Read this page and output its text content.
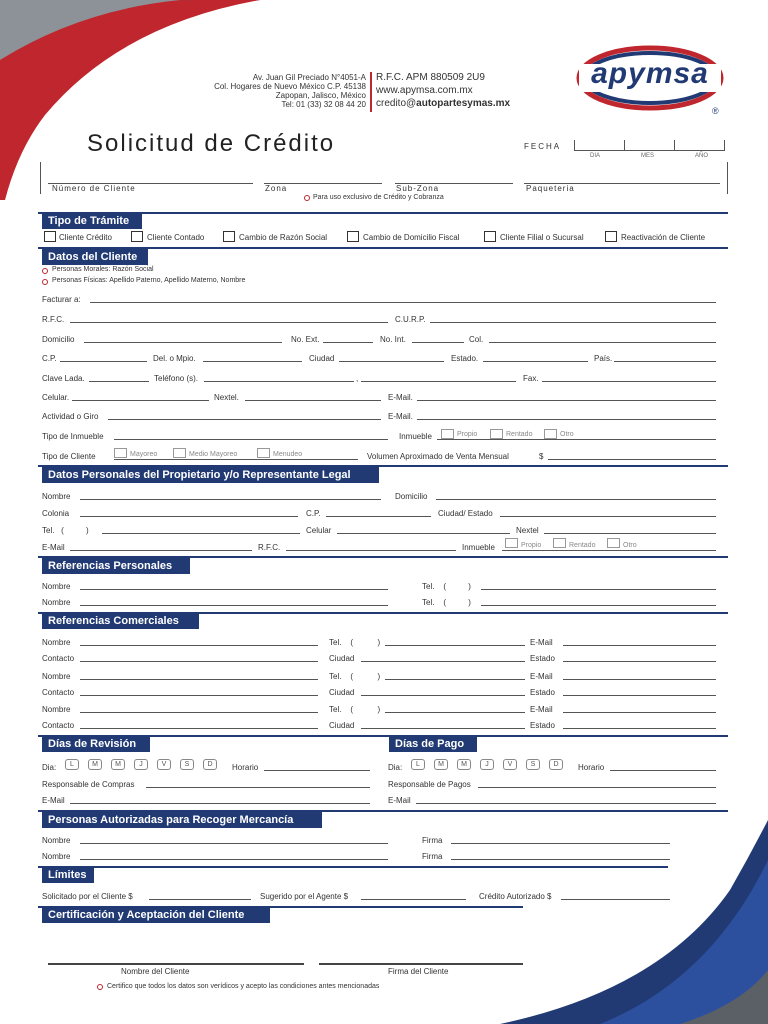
Av. Juan Gil Preciado N°4051-A
Col. Hogares de Nuevo México C.P. 45138
Zapopan, Jalisco, México
Tel: 01 (33) 32 08 44 20
R.F.C. APM 880509 2U9
www.apymsa.com.mx
credito@autopartesymas.mx
apymsa
®
Solicitud de Crédito	FECHA
DIA	MES	AÑO
Número de Cliente	Zona	Sub-Zona	Paqueteria
Para uso exclusivo de Crédito y Cobranza
Tipo de Trámite
Cliente Crédito	Cliente Contado	Cambio de Razón Social	Cambio de Domicilio Fiscal	Cliente Filial o Sucursal	Reactivación de Cliente
Datos del Cliente
Personas Morales: Razón Social
Personas Físicas: Apellido Paterno, Apellido Materno, Nombre
Facturar a:
R.F.C.	C.U.R.P.
Domicilio	No. Ext.	No. Int.	Col.
C.P.	Del. o Mpio.	Ciudad	Estado.	País.
Clave Lada.	Teléfono (s).	,	Fax.
Celular.	Nextel.	E-Mail.
Actividad o Giro	E-Mail.
Tipo de Inmueble	Inmueble	Propio	Rentado	Otro
Tipo de Cliente	Mayoreo	Medio Mayoreo	Menudeo	Volumen Aproximado de Venta Mensual	$
Datos Personales del Propietario y/o Representante Legal
Nombre	Domicilio
Colonia	C.P.	Ciudad/ Estado
Tel. (	)	Celular	Nextel
E-Mail	R.F.C.	Inmueble	Propio	Rentado	Otro
Referencias Personales
Nombre	Tel. (	)
Nombre	Tel. (	)
Referencias Comerciales
Nombre	Tel. (	)	E-Mail
Contacto	Ciudad	Estado
Nombre	Tel. (	)	E-Mail
Contacto	Ciudad	Estado
Nombre	Tel. (	)	E-Mail
Contacto	Ciudad	Estado
Días de Revisión	Días de Pago
Dia:	L	M	M	J	V	S	D	Horario
Responsable de Compras
E-Mail
Dia:	L	M	M	J	V	S	D	Horario
Responsable de Pagos
E-Mail
Personas Autorizadas para Recoger Mercancía
Nombre	Firma
Nombre	Firma
Límites
Solicitado por el Cliente $	Sugerido por el Agente $	Crédito Autorizado $
Certificación y Aceptación del Cliente
Nombre del Cliente	Firma del Cliente
Certifico que todos los datos son verídicos y acepto las condiciones antes mencionadas
